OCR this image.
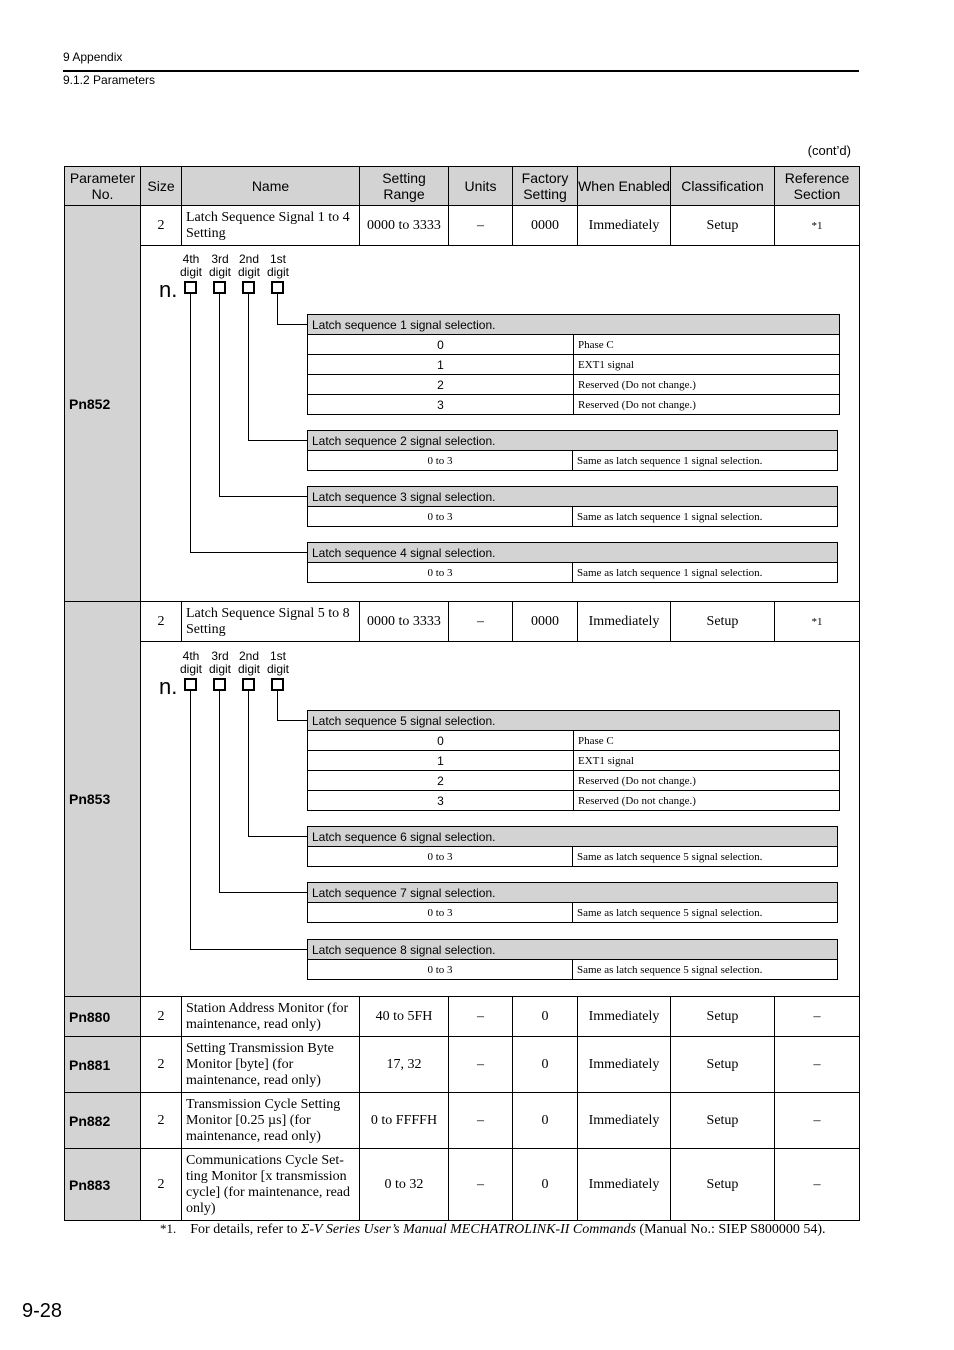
9 Appendix
9.1.2 Parameters
(cont’d)
Parameter No.	Size	Name	Setting Range	Units	Factory Setting	When Enabled	Classification	Reference Section
Pn852	2	Latch Sequence Signal 1 to 4 Setting	0000 to 3333	–	0000	Immediately	Setup	*1

4th digit
3rd digit
2nd digit
1st digit
n.
Latch sequence 1 signal selection.
0	Phase C
1	EXT1 signal
2	Reserved (Do not change.)
3	Reserved (Do not change.)
Latch sequence 2 signal selection.
0 to 3	Same as latch sequence 1 signal selection.
Latch sequence 3 signal selection.
0 to 3	Same as latch sequence 1 signal selection.
Latch sequence 4 signal selection.
0 to 3	Same as latch sequence 1 signal selection.

Pn853	2	Latch Sequence Signal 5 to 8 Setting	0000 to 3333	–	0000	Immediately	Setup	*1

4th digit
3rd digit
2nd digit
1st digit
n.
Latch sequence 5 signal selection.
0	Phase C
1	EXT1 signal
2	Reserved (Do not change.)
3	Reserved (Do not change.)
Latch sequence 6 signal selection.
0 to 3	Same as latch sequence 5 signal selection.
Latch sequence 7 signal selection.
0 to 3	Same as latch sequence 5 signal selection.
Latch sequence 8 signal selection.
0 to 3	Same as latch sequence 5 signal selection.

Pn880	2	Station Address Monitor (for maintenance, read only)	40 to 5FH	–	0	Immediately	Setup	–
Pn881	2	Setting Transmission Byte Monitor [byte] (for maintenance, read only)	17, 32	–	0	Immediately	Setup	–
Pn882	2	Transmission Cycle Setting Monitor [0.25 µs] (for maintenance, read only)	0 to FFFFH	–	0	Immediately	Setup	–
Pn883	2	Communications Cycle Set-ting Monitor [x transmission cycle] (for maintenance, read only)	0 to 32	–	0	Immediately	Setup	–
*1. For details, refer to Σ-V Series User’s Manual MECHATROLINK-II Commands (Manual No.: SIEP S800000 54).
9-28
